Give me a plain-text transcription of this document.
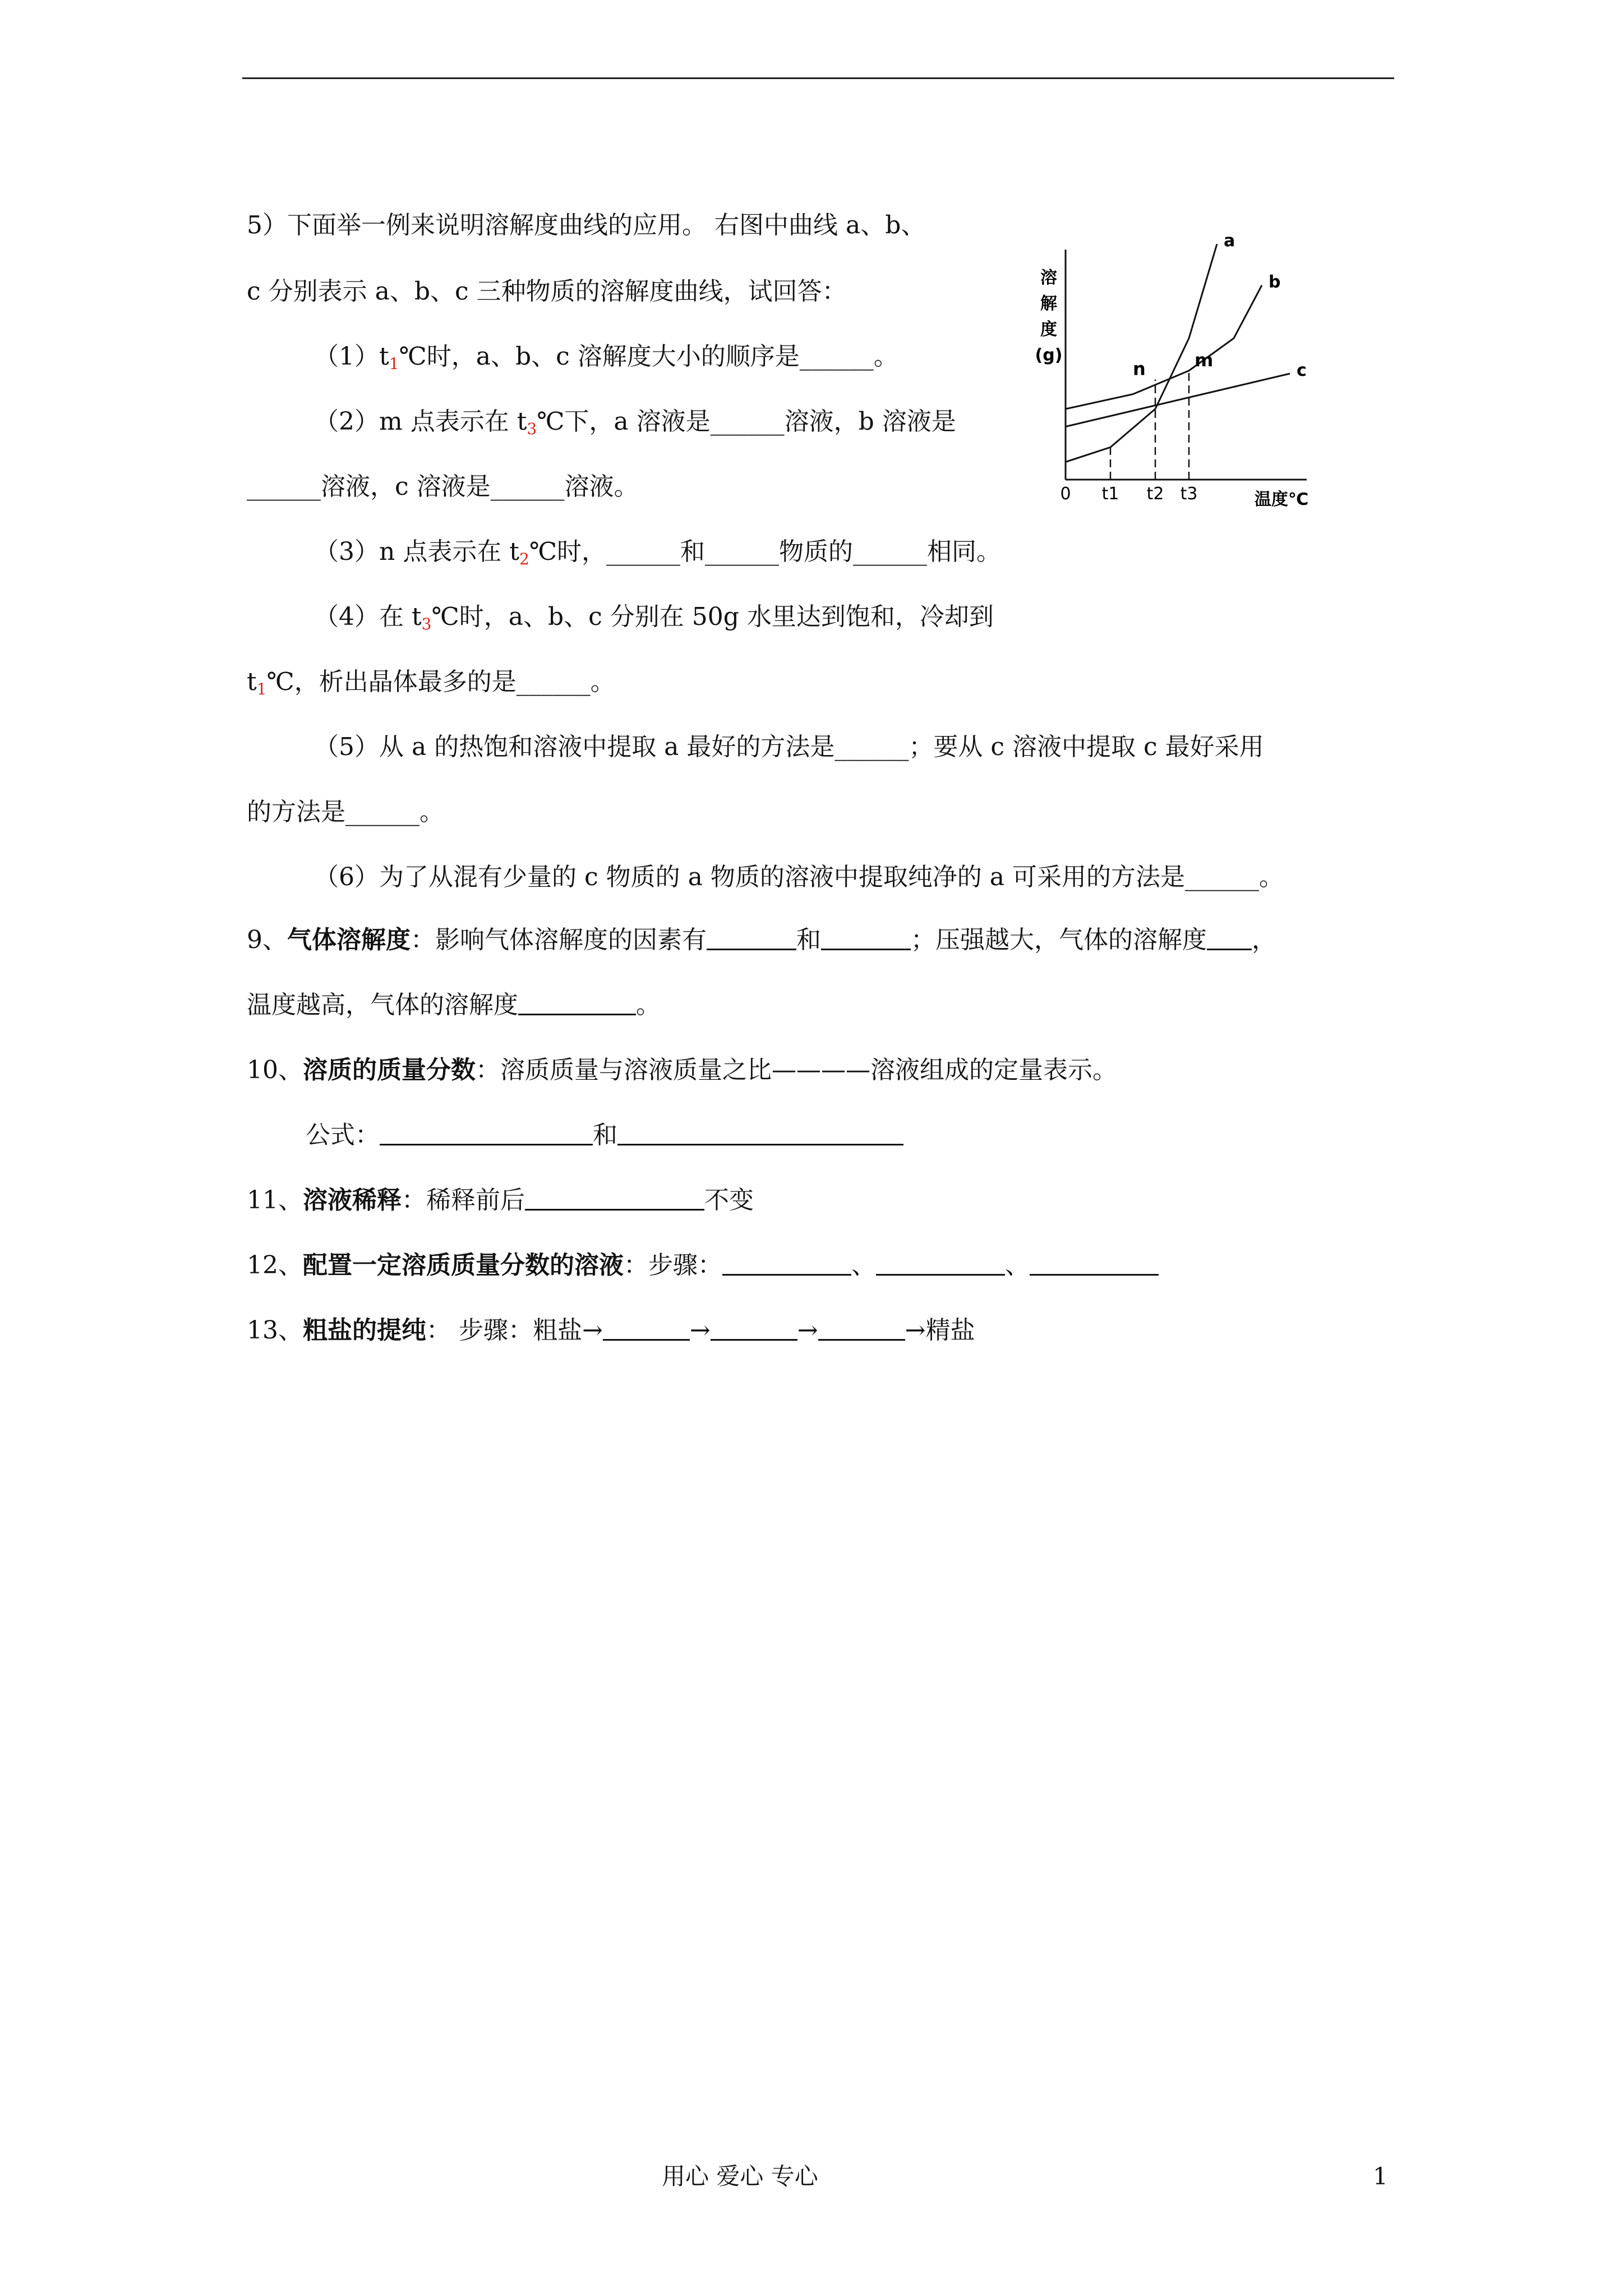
5）下面举一例来说明溶解度曲线的应用。 右图中曲线 a、b、
c 分别表示 a、b、c 三种物质的溶解度曲线，试回答：
$(1)t_1℃$时，a、b、c 溶解度大小的顺序是______。
（2）m 点表示在 $t_3℃$下，a 溶液是______溶液，b 溶液是
______溶液，c 溶液是______溶液。
（3）n 点表示在 $t_2℃$时，______和______物质的______相同。
（4）在 $t_3℃$时，a、b、c 分别在 50g 水里达到饱和，冷却到
$t_1℃$，析出晶体最多的是______。
（5）从 a 的热饱和溶液中提取 a 最好的方法是______；要从 c 溶液中提取 c 最好采用
的方法是______。
（6）为了从混有少量的 c 物质的 a 物质的溶液中提取纯净的 a 可采用的方法是______。
9、气体溶解度：影响气体溶解度的因素有	和	；压强越大，气体的溶解度 ，
温度越高，气体的溶解度	。
10、溶质的质量分数：溶质质量与溶液质量之比————溶液组成的定量表示。
公式：	和
11、溶液稀释：稀释前后	不变
12、配置一定溶质质量分数的溶液：步骤：	、	、
13、粗盐的提纯： 步骤：粗盐→	→	→	→精盐
溶
解
度
(g)
温度℃
0 t1 t2 t3
a
b
c
n	m
用心 爱心 专心	1
